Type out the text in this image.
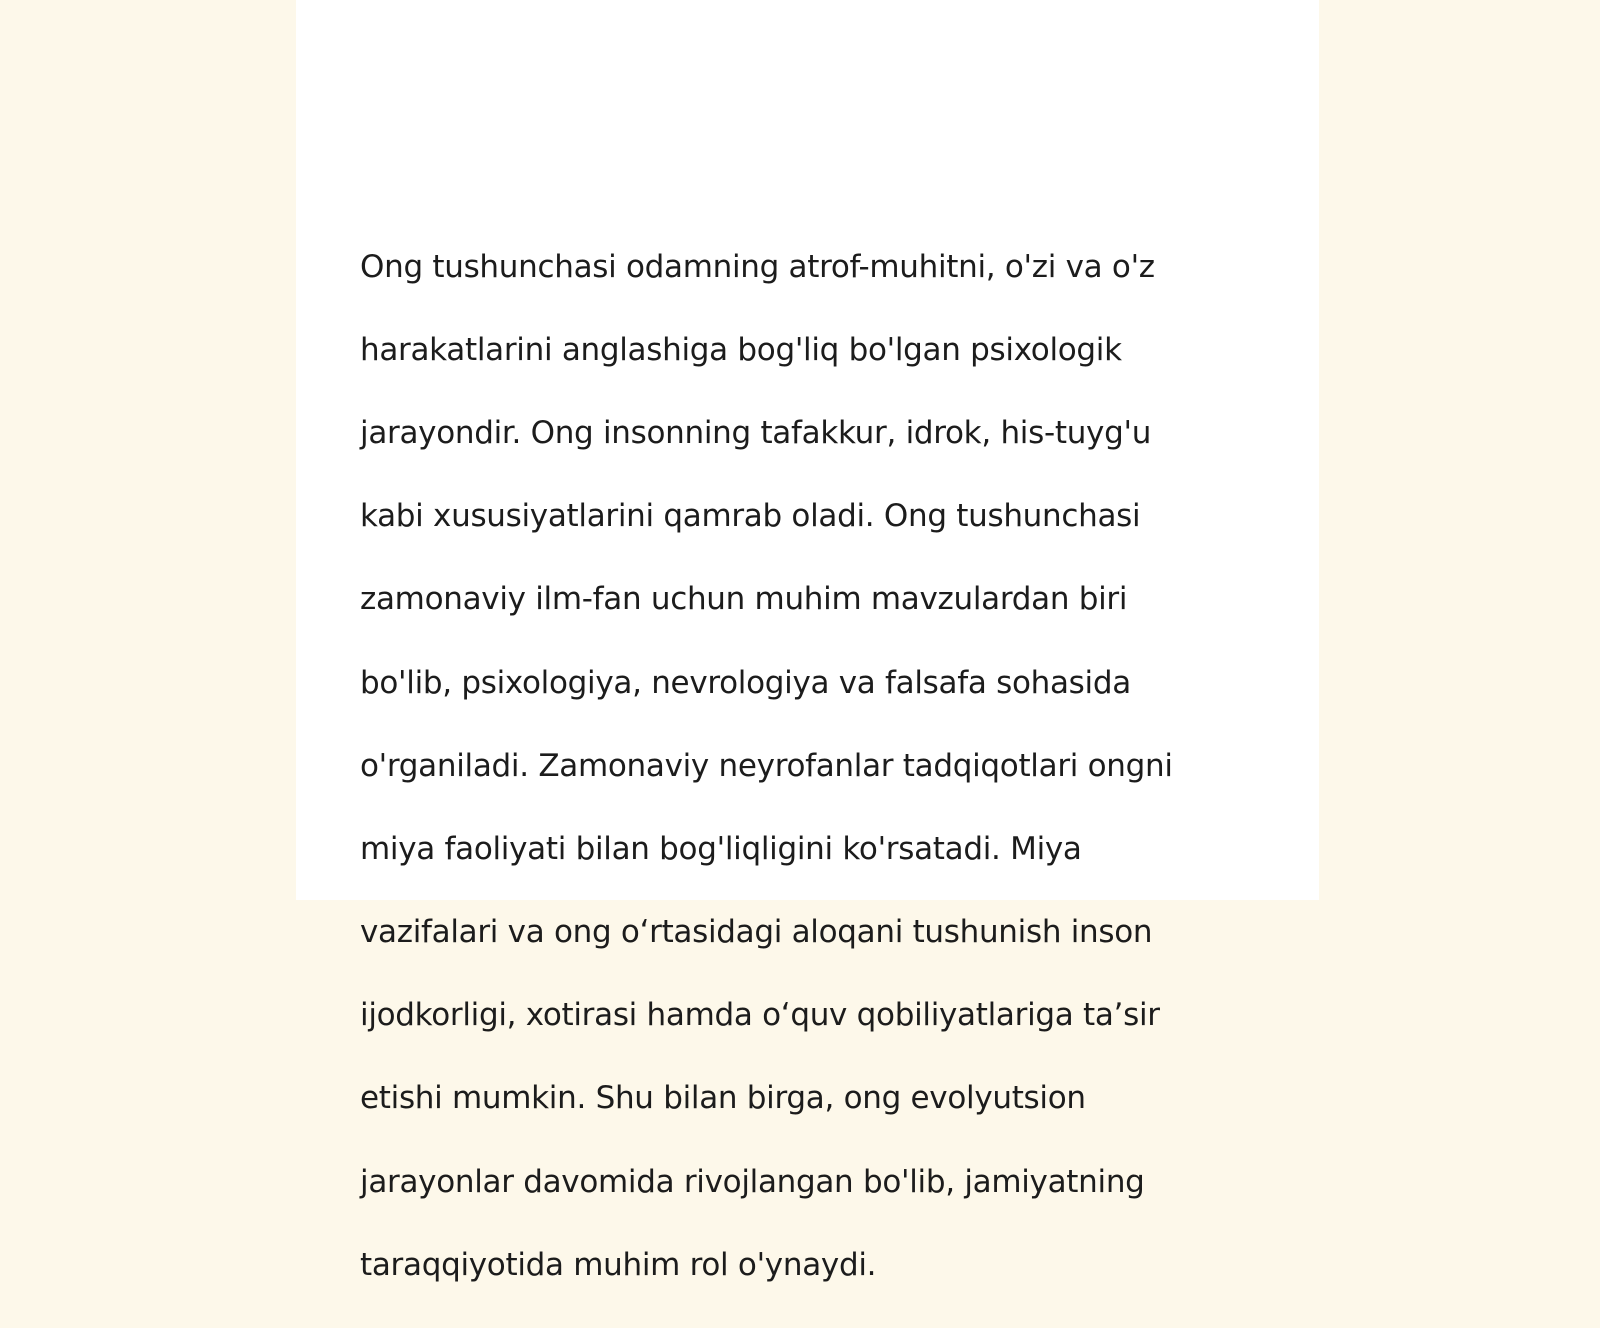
Ong tushunchasi odamning atrof-muhitni, o'zi va o'z

harakatlarini anglashiga bog'liq bo'lgan psixologik

jarayondir. Ong insonning tafakkur, idrok, his-tuyg'u

kabi xususiyatlarini qamrab oladi. Ong tushunchasi

zamonaviy ilm-fan uchun muhim mavzulardan biri

bo'lib, psixologiya, nevrologiya va falsafa sohasida

o'rganiladi. Zamonaviy neyrofanlar tadqiqotlari ongni

miya faoliyati bilan bog'liqligini ko'rsatadi. Miya

vazifalari va ong o‘rtasidagi aloqani tushunish inson

ijodkorligi, xotirasi hamda o‘quv qobiliyatlariga ta’sir

etishi mumkin. Shu bilan birga, ong evolyutsion

jarayonlar davomida rivojlangan bo'lib, jamiyatning

taraqqiyotida muhim rol o'ynaydi.
